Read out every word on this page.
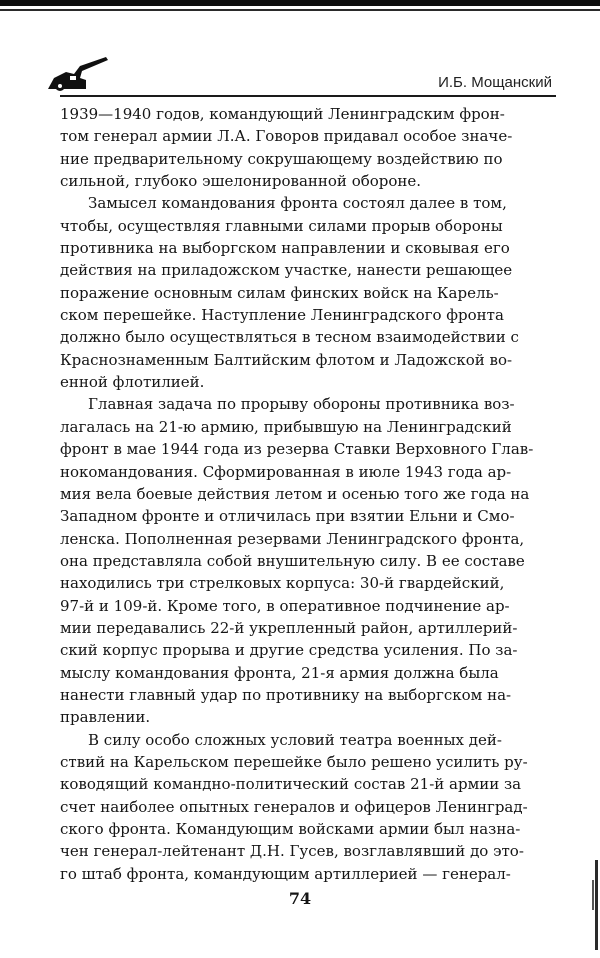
И.Б. Мощанский
1939—1940 годов, командующий Ленинградским фрон-
том генерал армии Л.А. Говоров придавал особое значе-
ние предварительному сокрушающему воздействию по
сильной, глубоко эшелонированной обороне.
Замысел командования фронта состоял далее в том,
чтобы, осуществляя главными силами прорыв обороны
противника на выборгском направлении и сковывая его
действия на приладожском участке, нанести решающее
поражение основным силам финских войск на Карель-
ском перешейке. Наступление Ленинградского фронта
должно было осуществляться в тесном взаимодействии с
Краснознаменным Балтийским флотом и Ладожской во-
енной флотилией.
Главная задача по прорыву обороны противника воз-
лагалась на 21-ю армию, прибывшую на Ленинградский
фронт в мае 1944 года из резерва Ставки Верховного Глав-
нокомандования. Сформированная в июле 1943 года ар-
мия вела боевые действия летом и осенью того же года на
Западном фронте и отличилась при взятии Ельни и Смо-
ленска. Пополненная резервами Ленинградского фронта,
она представляла собой внушительную силу. В ее составе
находились три стрелковых корпуса: 30-й гвардейский,
97-й и 109-й. Кроме того, в оперативное подчинение ар-
мии передавались 22-й укрепленный район, артиллерий-
ский корпус прорыва и другие средства усиления. По за-
мыслу командования фронта, 21-я армия должна была
нанести главный удар по противнику на выборгском на-
правлении.
В силу особо сложных условий театра военных дей-
ствий на Карельском перешейке было решено усилить ру-
ководящий командно-политический состав 21-й армии за
счет наиболее опытных генералов и офицеров Ленинград-
ского фронта. Командующим войсками армии был назна-
чен генерал-лейтенант Д.Н. Гусев, возглавлявший до это-
го штаб фронта, командующим артиллерией — генерал-
74
